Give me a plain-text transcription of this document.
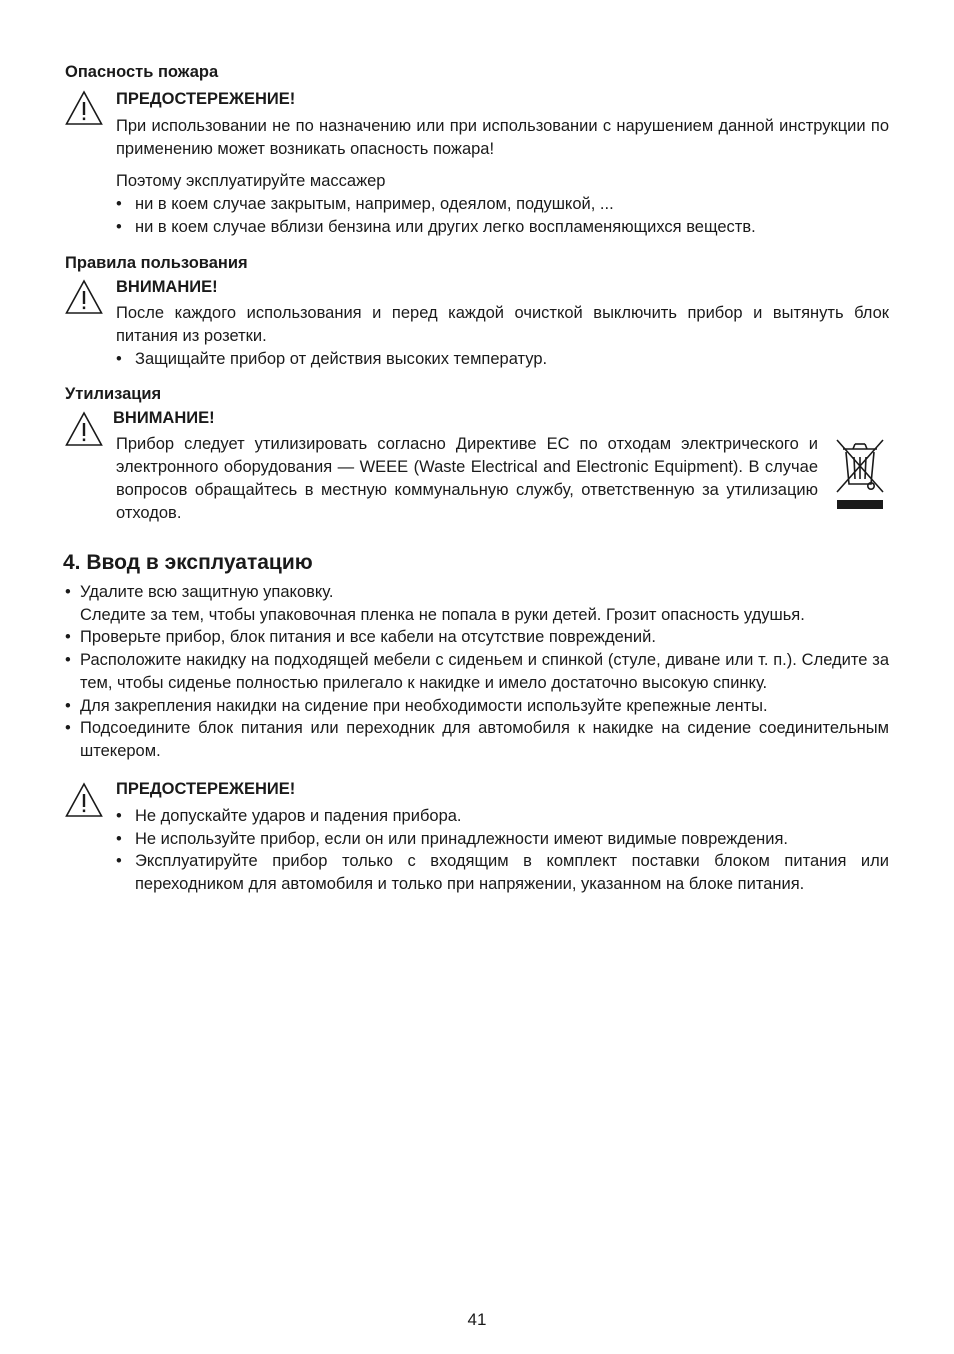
Опасность пожара
ПРЕДОСТЕРЕЖЕНИЕ!
При использовании не по назначению или при использовании с нарушением данной инструкции по применению может возникать опасность пожара!
Поэтому эксплуатируйте массажер
• ни в коем случае закрытым, например, одеялом, подушкой, ...
• ни в коем случае вблизи бензина или других легко воспламеняющихся веществ.
Правила пользования
ВНИМАНИЕ!
После каждого использования и перед каждой очисткой выключить прибор и вытянуть блок питания из розетки.
• Защищайте прибор от действия высоких температур.
Утилизация
ВНИМАНИЕ!
Прибор следует утилизировать согласно Директиве ЕС по отходам электрического и электронного оборудования — WEEE (Waste Electrical and Electronic Equipment). В случае вопросов обращайтесь в местную коммунальную службу, ответственную за утилизацию отходов.
4. Ввод в эксплуатацию
• Удалите всю защитную упаковку.
Следите за тем, чтобы упаковочная пленка не попала в руки детей. Грозит опасность удушья.
• Проверьте прибор, блок питания и все кабели на отсутствие повреждений.
• Расположите накидку на подходящей мебели с сиденьем и спинкой (стуле, диване или т. п.). Следите за тем, чтобы сиденье полностью прилегало к накидке и имело достаточно высокую спинку.
• Для закрепления накидки на сидение при необходимости используйте крепежные ленты.
• Подсоедините блок питания или переходник для автомобиля к накидке на сидение соединительным штекером.
ПРЕДОСТЕРЕЖЕНИЕ!
• Не допускайте ударов и падения прибора.
• Не используйте прибор, если он или принадлежности имеют видимые повреждения.
• Эксплуатируйте прибор только с входящим в комплект поставки блоком питания или переходником для автомобиля и только при напряжении, указанном на блоке питания.
41
